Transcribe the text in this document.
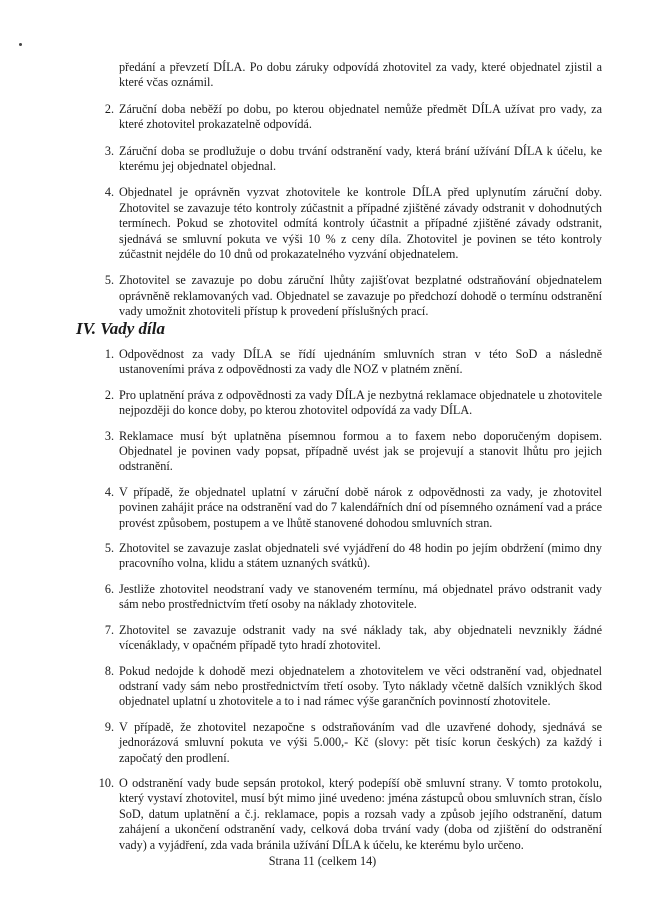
předání a převzetí DÍLA. Po dobu záruky odpovídá zhotovitel za vady, které objednatel zjistil a které včas oznámil.

2. Záruční doba neběží po dobu, po kterou objednatel nemůže předmět DÍLA užívat pro vady, za které zhotovitel prokazatelně odpovídá.

3. Záruční doba se prodlužuje o dobu trvání odstranění vady, která brání užívání DÍLA k účelu, ke kterému jej objednatel objednal.

4. Objednatel je oprávněn vyzvat zhotovitele ke kontrole DÍLA před uplynutím záruční doby. Zhotovitel se zavazuje této kontroly zúčastnit a případné zjištěné závady odstranit v dohodnutých termínech. Pokud se zhotovitel odmítá kontroly účastnit a případné zjištěné závady odstranit, sjednává se smluvní pokuta ve výši 10 % z ceny díla. Zhotovitel je povinen se této kontroly zúčastnit nejdéle do 10 dnů od prokazatelného vyzvání objednatelem.

5. Zhotovitel se zavazuje po dobu záruční lhůty zajišťovat bezplatné odstraňování objednatelem oprávněně reklamovaných vad. Objednatel se zavazuje po předchozí dohodě o termínu odstranění vady umožnit zhotoviteli přístup k provedení příslušných prací.

IV. Vady díla

1. Odpovědnost za vady DÍLA se řídí ujednáním smluvních stran v této SoD a následně ustanoveními práva z odpovědnosti za vady dle NOZ v platném znění.

2. Pro uplatnění práva z odpovědnosti za vady DÍLA je nezbytná reklamace objednatele u zhotovitele nejpozději do konce doby, po kterou zhotovitel odpovídá za vady DÍLA.

3. Reklamace musí být uplatněna písemnou formou a to faxem nebo doporučeným dopisem. Objednatel je povinen vady popsat, případně uvést jak se projevují a stanovit lhůtu pro jejich odstranění.

4. V případě, že objednatel uplatní v záruční době nárok z odpovědnosti za vady, je zhotovitel povinen zahájit práce na odstranění vad do 7 kalendářních dní od písemného oznámení vad a práce provést způsobem, postupem a ve lhůtě stanovené dohodou smluvních stran.

5. Zhotovitel se zavazuje zaslat objednateli své vyjádření do 48 hodin po jejím obdržení (mimo dny pracovního volna, klidu a státem uznaných svátků).

6. Jestliže zhotovitel neodstraní vady ve stanoveném termínu, má objednatel právo odstranit vady sám nebo prostřednictvím třetí osoby na náklady zhotovitele.

7. Zhotovitel se zavazuje odstranit vady na své náklady tak, aby objednateli nevznikly žádné vícenáklady, v opačném případě tyto hradí zhotovitel.

8. Pokud nedojde k dohodě mezi objednatelem a zhotovitelem ve věci odstranění vad, objednatel odstraní vady sám nebo prostřednictvím třetí osoby. Tyto náklady včetně dalších vzniklých škod objednatel uplatní u zhotovitele a to i nad rámec výše garančních povinností zhotovitele.

9. V případě, že zhotovitel nezapočne s odstraňováním vad dle uzavřené dohody, sjednává se jednorázová smluvní pokuta ve výši 5.000,- Kč (slovy: pět tisíc korun českých) za každý i započatý den prodlení.

10. O odstranění vady bude sepsán protokol, který podepíší obě smluvní strany. V tomto protokolu, který vystaví zhotovitel, musí být mimo jiné uvedeno: jména zástupců obou smluvních stran, číslo SoD, datum uplatnění a č.j. reklamace, popis a rozsah vady a způsob jejího odstranění, datum zahájení a ukončení odstranění vady, celková doba trvání vady (doba od zjištění do odstranění vady) a vyjádření, zda vada bránila užívání DÍLA k účelu, ke kterému bylo určeno.

Strana 11 (celkem 14)
